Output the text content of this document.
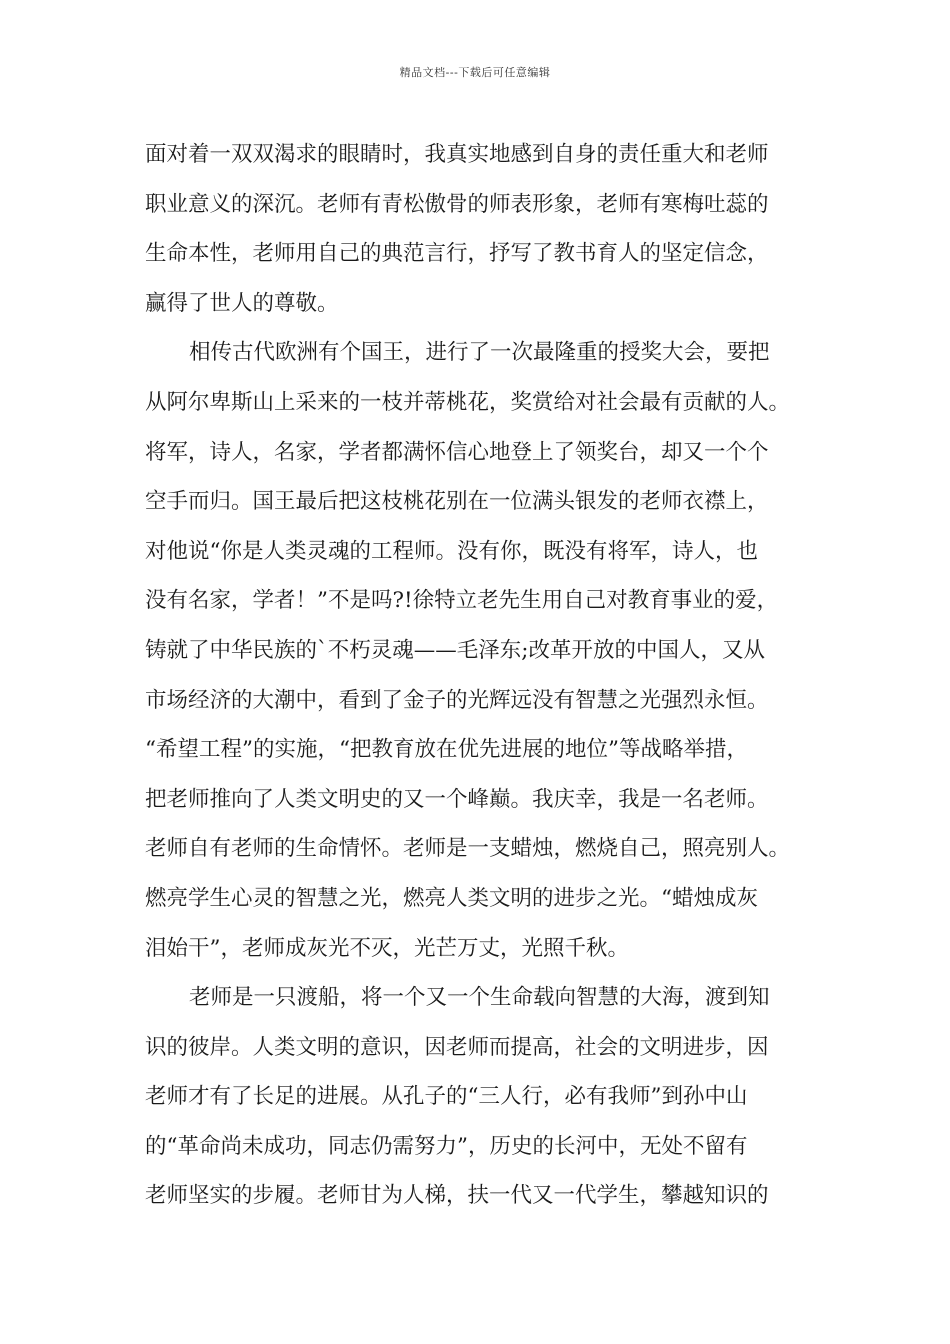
精品文档---下载后可任意编辑
面对着一双双渴求的眼睛时，我真实地感到自身的责任重大和老师
职业意义的深沉。老师有青松傲骨的师表形象，老师有寒梅吐蕊的
生命本性，老师用自己的典范言行，抒写了教书育人的坚定信念，
赢得了世人的尊敬。
相传古代欧洲有个国王，进行了一次最隆重的授奖大会，要把
从阿尔卑斯山上采来的一枝并蒂桃花，奖赏给对社会最有贡献的人。
将军，诗人，名家，学者都满怀信心地登上了领奖台，却又一个个
空手而归。国王最后把这枝桃花别在一位满头银发的老师衣襟上，
对他说“你是人类灵魂的工程师。没有你，既没有将军，诗人，也
没有名家，学者！”不是吗?!徐特立老先生用自己对教育事业的爱，
铸就了中华民族的`不朽灵魂——毛泽东;改革开放的中国人，又从
市场经济的大潮中，看到了金子的光辉远没有智慧之光强烈永恒。
“希望工程”的实施，“把教育放在优先进展的地位”等战略举措，
把老师推向了人类文明史的又一个峰巅。我庆幸，我是一名老师。
老师自有老师的生命情怀。老师是一支蜡烛，燃烧自己，照亮别人。
燃亮学生心灵的智慧之光，燃亮人类文明的进步之光。“蜡烛成灰
泪始干”，老师成灰光不灭，光芒万丈，光照千秋。
老师是一只渡船，将一个又一个生命载向智慧的大海，渡到知
识的彼岸。人类文明的意识，因老师而提高，社会的文明进步，因
老师才有了长足的进展。从孔子的“三人行，必有我师”到孙中山
的“革命尚未成功，同志仍需努力”，历史的长河中，无处不留有
老师坚实的步履。老师甘为人梯，扶一代又一代学生，攀越知识的
